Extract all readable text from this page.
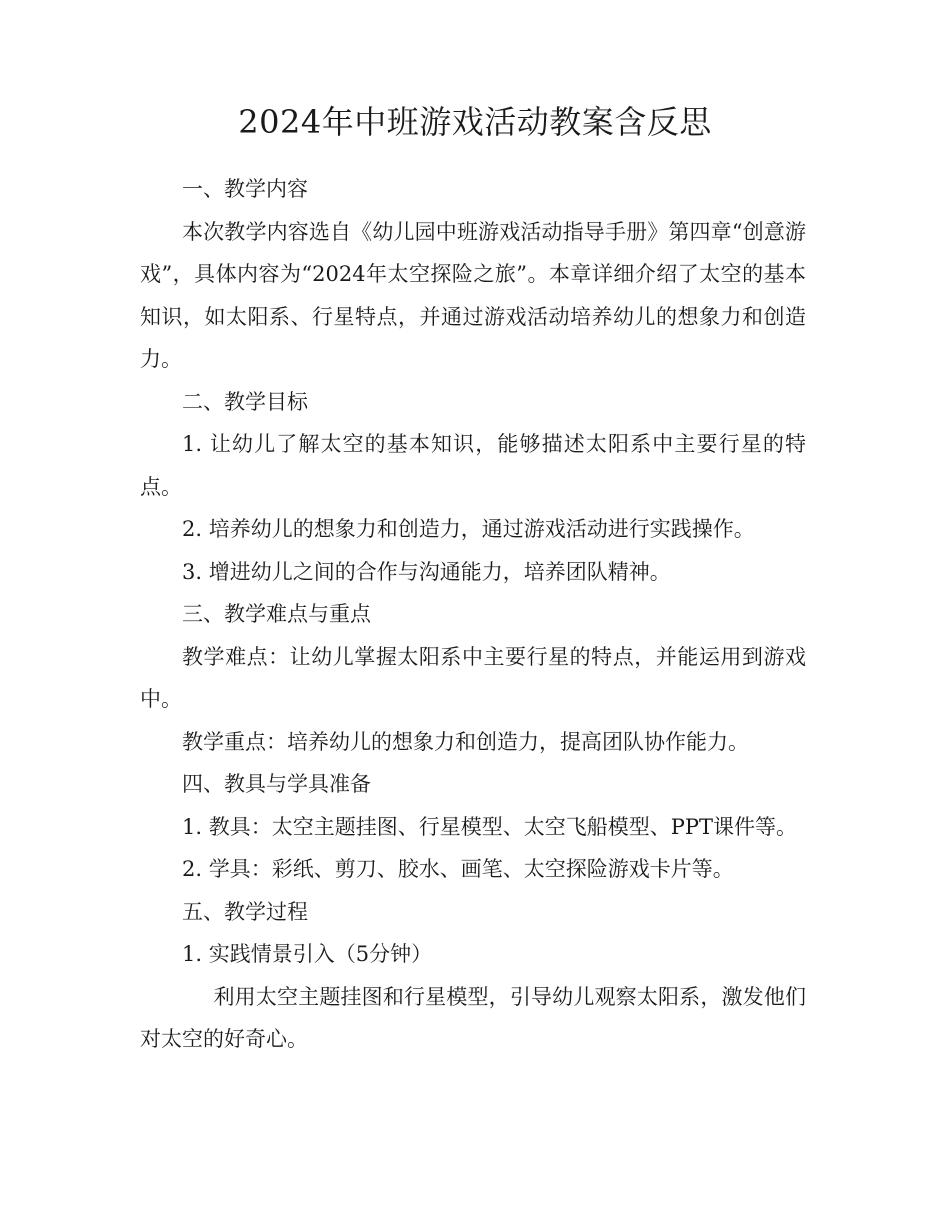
2024年中班游戏活动教案含反思

一、教学内容

本次教学内容选自《幼儿园中班游戏活动指导手册》第四章“创意游戏”，具体内容为“2024年太空探险之旅”。本章详细介绍了太空的基本知识，如太阳系、行星特点，并通过游戏活动培养幼儿的想象力和创造力。

二、教学目标

1. 让幼儿了解太空的基本知识，能够描述太阳系中主要行星的特点。

2. 培养幼儿的想象力和创造力，通过游戏活动进行实践操作。

3. 增进幼儿之间的合作与沟通能力，培养团队精神。

三、教学难点与重点

教学难点：让幼儿掌握太阳系中主要行星的特点，并能运用到游戏中。

教学重点：培养幼儿的想象力和创造力，提高团队协作能力。

四、教具与学具准备

1. 教具：太空主题挂图、行星模型、太空飞船模型、PPT课件等。

2. 学具：彩纸、剪刀、胶水、画笔、太空探险游戏卡片等。

五、教学过程

1. 实践情景引入（5分钟）

利用太空主题挂图和行星模型，引导幼儿观察太阳系，激发他们对太空的好奇心。
